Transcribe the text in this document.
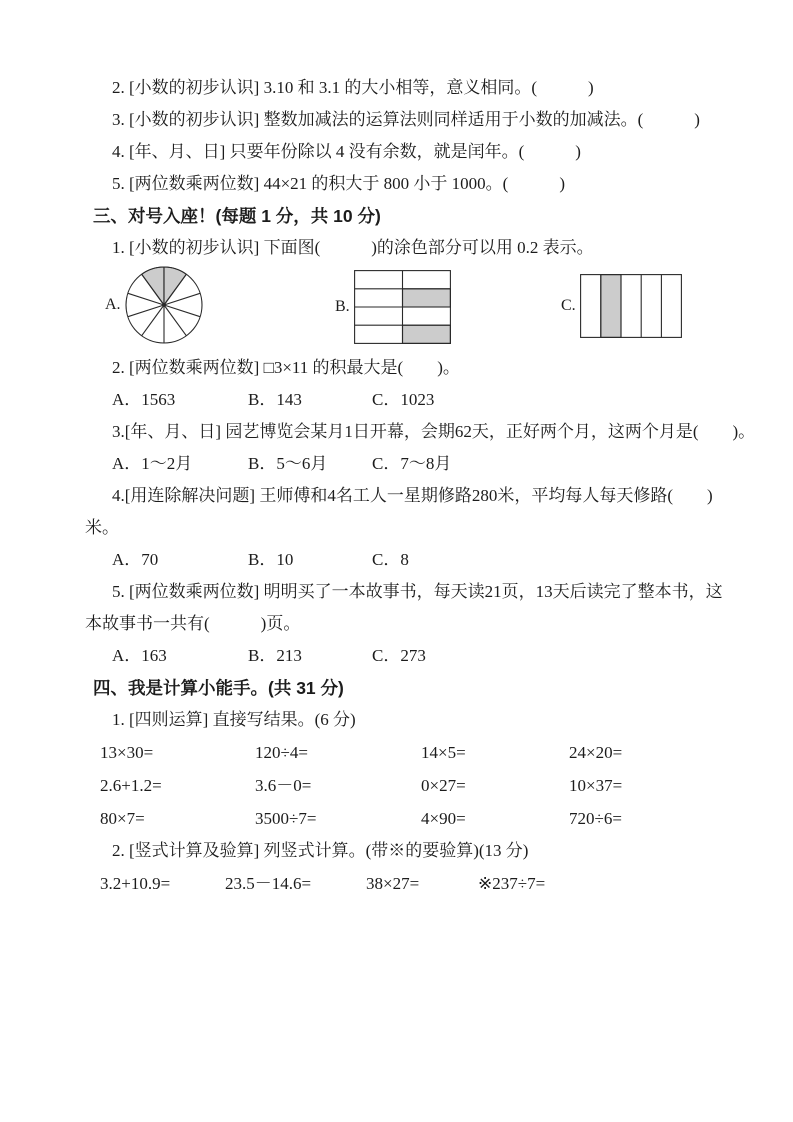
2. [小数的初步认识] 3.10 和 3.1 的大小相等，意义相同。(　　　)

3. [小数的初步认识] 整数加减法的运算法则同样适用于小数的加减法。(　　　)

4. [年、月、日] 只要年份除以 4 没有余数，就是闰年。(　　　)

5. [两位数乘两位数] 44×21 的积大于 800 小于 1000。(　　　)

三、对号入座！(每题 1 分，共 10 分)

1. [小数的初步认识] 下面图(　　　)的涂色部分可以用 0.2 表示。

A.	B.	C.

2. [两位数乘两位数] □3×11 的积最大是(　　)。

A．1563	B．143	C．1023

3.[年、月、日] 园艺博览会某月1日开幕，会期62天，正好两个月，这两个月是(　　)。

A．1～2月	B．5～6月	C．7～8月

4.[用连除解决问题] 王师傅和4名工人一星期修路280米，平均每人每天修路(　　)

米。

A．70	B．10	C．8

5. [两位数乘两位数] 明明买了一本故事书，每天读21页，13天后读完了整本书，这

本故事书一共有(　　　)页。

A．163	B．213	C．273
四、我是计算小能手。(共 31 分)

1. [四则运算] 直接写结果。(6 分)

13×30=	120÷4=	14×5=	24×20=
2.6+1.2=	3.6－0=	0×27=	10×37=
80×7=	3500÷7=	4×90=	720÷6=

2. [竖式计算及验算] 列竖式计算。(带※的要验算)(13 分)

3.2+10.9=	23.5－14.6=	38×27=	※237÷7=
